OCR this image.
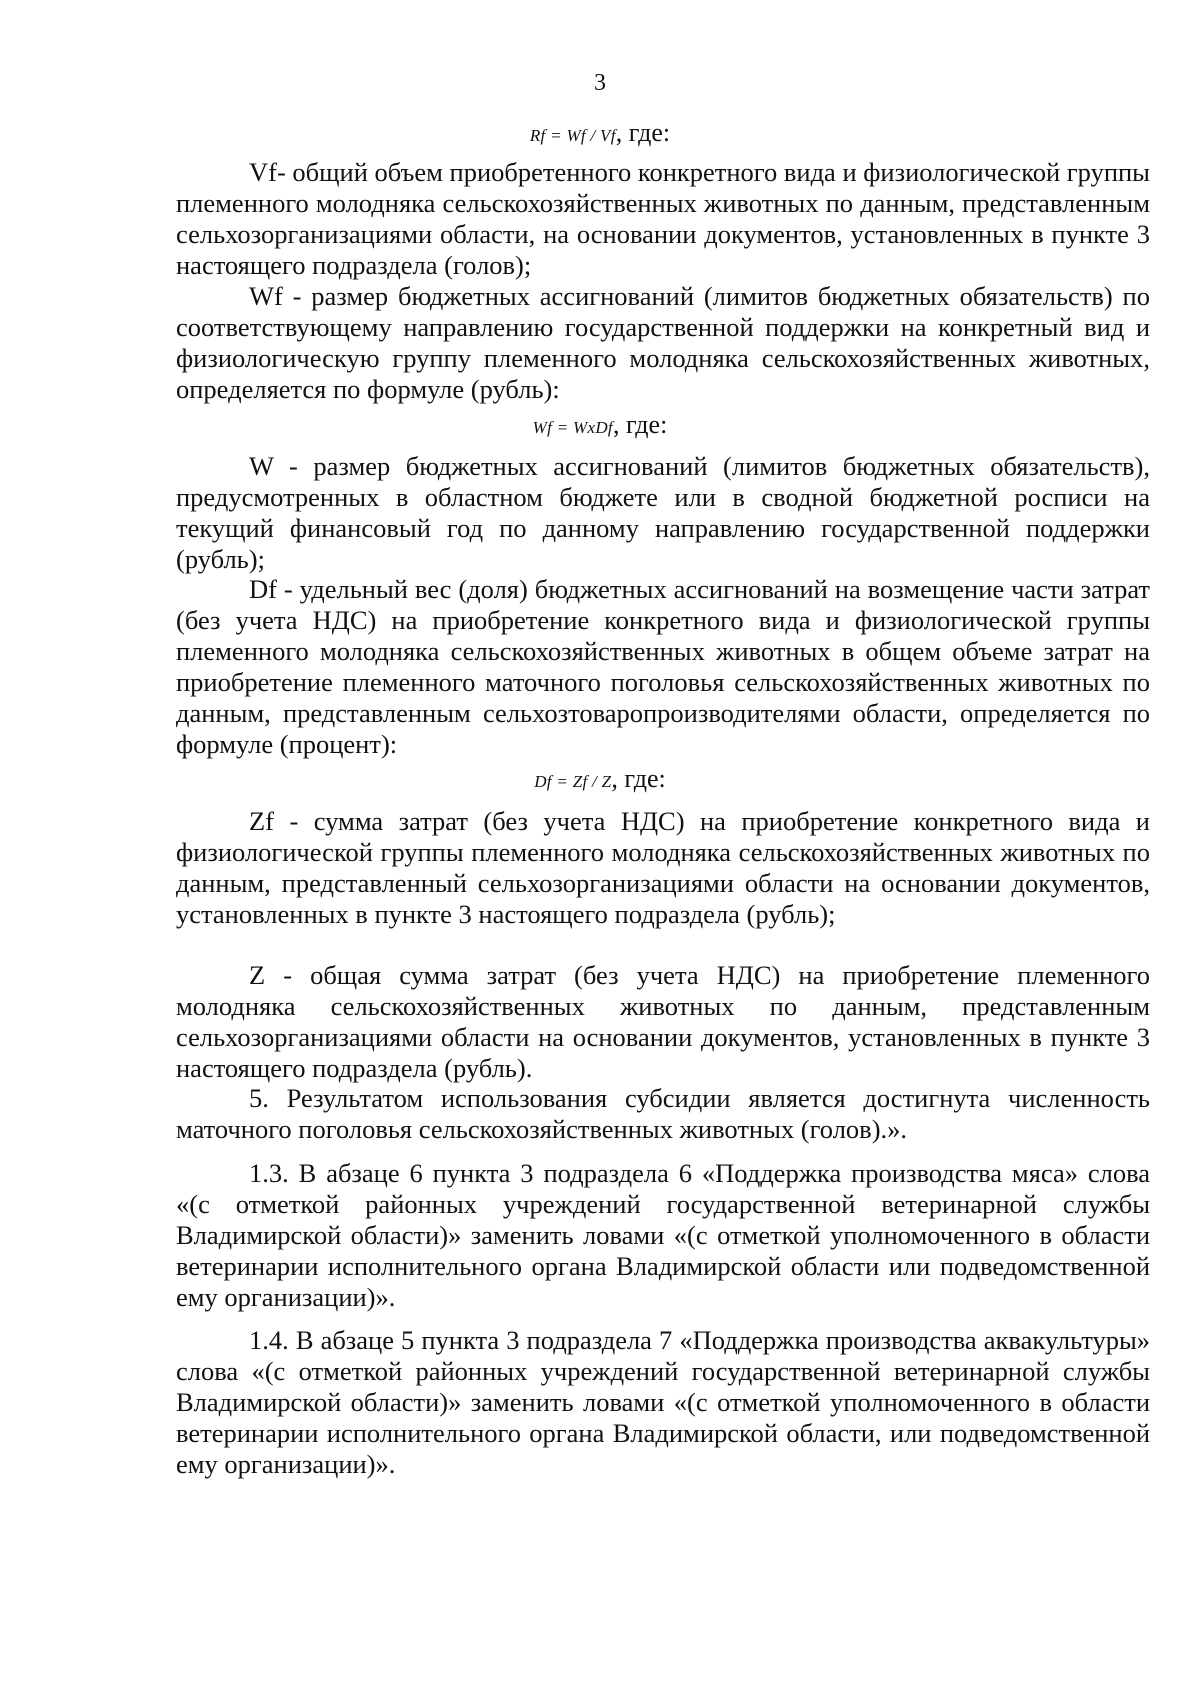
3

Rf = Wf / Vf, где:

Vf- общий объем приобретенного конкретного вида и физиологической группы племенного молодняка сельскохозяйственных животных по данным, представленным сельхозорганизациями области, на основании документов, установленных в пункте 3 настоящего подраздела (голов);

Wf - размер бюджетных ассигнований (лимитов бюджетных обязательств) по соответствующему направлению государственной поддержки на конкретный вид и физиологическую группу племенного молодняка сельскохозяйственных животных, определяется по формуле (рубль):

Wf = WxDf, где:

W - размер бюджетных ассигнований (лимитов бюджетных обязательств), предусмотренных в областном бюджете или в сводной бюджетной росписи на текущий финансовый год по данному направлению государственной поддержки (рубль);

Df - удельный вес (доля) бюджетных ассигнований на возмещение части затрат (без учета НДС) на приобретение конкретного вида и физиологической группы племенного молодняка сельскохозяйственных животных в общем объеме затрат на приобретение племенного маточного поголовья сельскохозяйственных животных по данным, представленным сельхозтоваропроизводителями области, определяется по формуле (процент):

Df = Zf / Z, где:

Zf - сумма затрат (без учета НДС) на приобретение конкретного вида и физиологической группы племенного молодняка сельскохозяйственных животных по данным, представленный сельхозорганизациями области на основании документов, установленных в пункте 3 настоящего подраздела (рубль);

Z - общая сумма затрат (без учета НДС) на приобретение племенного молодняка сельскохозяйственных животных по данным, представленным сельхозорганизациями области на основании документов, установленных в пункте 3 настоящего подраздела (рубль).

5. Результатом использования субсидии является достигнута численность маточного поголовья сельскохозяйственных животных (голов).».

1.3. В абзаце 6 пункта 3 подраздела 6 «Поддержка производства мяса» слова «(с отметкой районных учреждений государственной ветеринарной службы Владимирской области)» заменить ловами «(с отметкой уполномоченного в области ветеринарии исполнительного органа Владимирской области или подведомственной ему организации)».

1.4. В абзаце 5 пункта 3 подраздела 7 «Поддержка производства аквакультуры» слова «(с отметкой районных учреждений государственной ветеринарной службы Владимирской области)» заменить ловами «(с отметкой уполномоченного в области ветеринарии исполнительного органа Владимирской области, или подведомственной ему организации)».
